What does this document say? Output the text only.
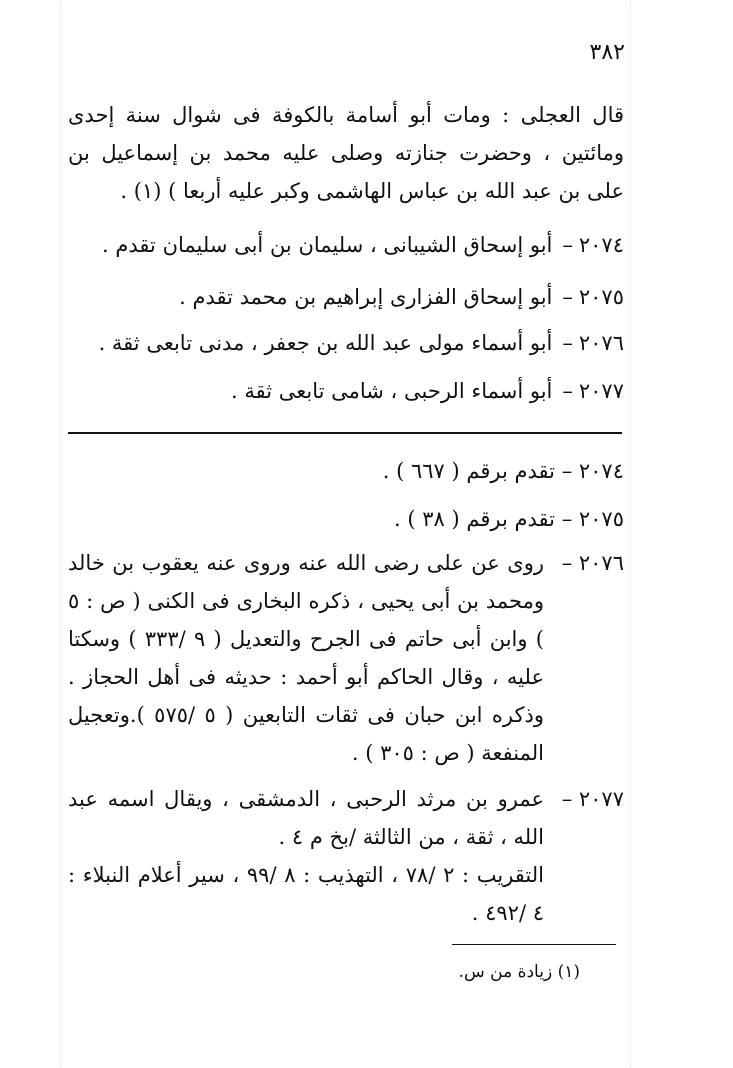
٣٨٢
قال العجلى : ومات أبو أسامة بالكوفة فى شوال سنة إحدى ومائتين ، وحضرت جنازته وصلى عليه محمد بن إسماعيل بن على بن عبد الله بن عباس الهاشمى وكبر عليه أربعا ) (١) .
٢٠٧٤–أبو إسحاق الشيبانى ، سليمان بن أبى سليمان تقدم .
٢٠٧٥–أبو إسحاق الفزارى إبراهيم بن محمد تقدم .
٢٠٧٦–أبو أسماء مولى عبد الله بن جعفر ، مدنى تابعى ثقة .
٢٠٧٧–أبو أسماء الرحبى ، شامى تابعى ثقة .
٢٠٧٤ – تقدم برقم ( ٦٦٧ ) .
٢٠٧٥ – تقدم برقم ( ٣٨ ) .
٢٠٧٦ –
روى عن على رضى الله عنه وروى عنه يعقوب بن خالد ومحمد بن أبى يحيى ، ذكره البخارى فى الكنى ( ص : ٥ ) وابن أبى حاتم فى الجرح والتعديل ( ٩ /٣٣٣ ) وسكتا عليه ، وقال الحاكم أبو أحمد : حديثه فى أهل الحجاز . وذكره ابن حبان فى ثقات التابعين ( ٥ /٥٧٥ ).وتعجيل المنفعة ( ص : ٣٠٥ ) .
٢٠٧٧ –
عمرو بن مرثد الرحبى ، الدمشقى ، ويقال اسمه عبد الله ، ثقة ، من الثالثة /بخ م ٤ .
التقريب : ٢ /٧٨ ، التهذيب : ٨ /٩٩ ، سير أعلام النبلاء : ٤ /٤٩٢ .
(١) زيادة من س.
